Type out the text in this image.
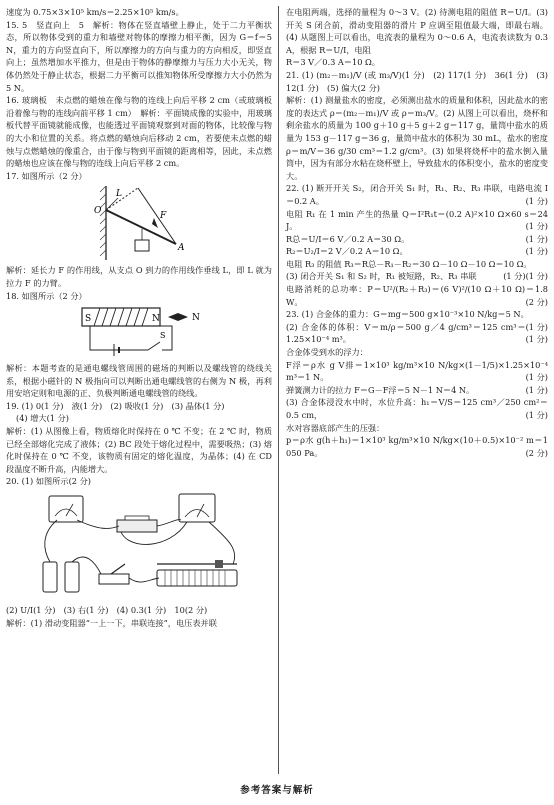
速度为 0.75×3×10⁵ km/s＝2.25×10⁵ km/s。

15. 5　竖直向上　5　解析：物体在竖直墙壁上静止，处于二力平衡状态，所以物体受到的重力和墙壁对物体的摩擦力相平衡，因为 G＝f＝5 N，重力的方向竖直向下，所以摩擦力的方向与重力的方向相反，即竖直向上；虽然增加水平推力，但是由于物体的静摩擦力与压力大小无关，物体仍然处于静止状态，根据二力平衡可以推知物体所受摩擦力大小仍然为 5 N。

16. 玻璃板　未点燃的蜡烛在像与物的连线上向后平移 2 cm（或玻璃板沿着像与物的连线向前平移 1 cm）　解析：平面镜成像的实验中，用玻璃板代替平面镜就能成像，也能透过平面镜观察到对面的物体，比较像与物的大小和位置的关系。将点燃的蜡烛向后移动 2 cm，若要使未点燃的蜡烛与点燃蜡烛的像重合，由于像与物到平面镜的距离相等，因此，未点燃的蜡烛也应该在像与物的连线上向后平移 2 cm。

17. 如图所示（2 分）

O
L
F
A

解析：延长力 F 的作用线，从支点 O 到力的作用线作垂线 L，即 L 就为拉力 F 的力臂。

18. 如图所示（2 分）

S	N	N
S

解析：本题考查的是通电螺线管周围的磁场的判断以及螺线管的绕线关系，根据小磁针的 N 极指向可以判断出通电螺线管的右侧为 N 极，再利用安培定则和电源的正、负极判断通电螺线管的绕线。

19. (1) 0(1 分)　液(1 分)　(2) 吸收(1 分)　(3) 晶体(1 分)

(4) 增大(1 分)

解析：(1) 从图像上看，物质熔化时保持在 0 ℃ 不变；在 2 ℃ 时，物质已经全部熔化完成了液体；(2) BC 段处于熔化过程中，需要吸热；(3) 熔化时保持在 0 ℃ 不变，该物质有固定的熔化温度，为晶体；(4) 在 CD 段温度不断升高，内能增大。

20. (1) 如图所示(2 分)

(2) U/I(1 分)　(3) 右(1 分)　(4) 0.3(1 分)　10(2 分)

解析：(1) 滑动变阻器“一上一下，串联连接”，电压表并联

在电阻两端，选择的量程为 0～3 V。(2) 待测电阻的阻值 R＝U/I。(3) 开关 S 闭合前，滑动变阻器的滑片 P 应调至阻值最大端，即最右端。(4) 从题图上可以看出，电流表的量程为 0～0.6 A，电流表读数为 0.3 A，根据 R＝U/I，电阻

R＝3 V／0.3 A＝10 Ω。

21. (1) (m₂－m₁)/V (或 m₃/V)(1 分)　(2) 117(1 分)　36(1 分)　(3) 12(1 分)　(5) 偏大(2 分)

解析：(1) 测量盐水的密度，必须测出盐水的质量和体积，因此盐水的密度的表达式 ρ＝(m₂－m₁)/V 或 ρ＝m₃/V。(2) 从图上可以看出，烧杯和剩余盐水的质量为 100 g＋10 g＋5 g＋2 g＝117 g，量筒中盐水的质量为 153 g－117 g＝36 g，量筒中盐水的体积为 30 mL，盐水的密度 ρ＝m/V＝36 g/30 cm³＝1.2 g/cm³。(3) 如果将烧杯中的盐水倒入量筒中，因为有部分水粘在烧杯壁上，导致盐水的体积变小，盐水的密度变大。

22. (1) 断开开关 S₂，闭合开关 S₁ 时，R₁、R₂、R₃ 串联，电路电流 I＝0.2 A。	(1 分)

电阻 R₁ 在 1 min 产生的热量 Q＝I²R₁t＝(0.2 A)²×10 Ω×60 s＝24 J。	(1 分)

R总＝U/I＝6 V／0.2 A＝30 Ω。	(1 分)

R₂＝U₂/I＝2 V／0.2 A＝10 Ω。	(1 分)

电阻 R₃ 的阻值 R₃＝R总－R₁－R₂＝30 Ω－10 Ω－10 Ω＝10 Ω。
(1 分)

(3) 闭合开关 S₁ 和 S₂ 时，R₁ 被短路，R₂、R₃ 串联	(1 分)

电路消耗的总功率：P＝U²/(R₂＋R₃)＝(6 V)²/(10 Ω＋10 Ω)＝1.8 W。	(2 分)

23. (1) 合金体的重力：G＝mg＝500 g×10⁻³×10 N/kg＝5 N。
(1 分)

(2) 合金体的体积：V＝m/ρ＝500 g／4 g/cm³＝125 cm³＝1.25×10⁻⁴ m³。	(1 分)

合金体受到水的浮力：

F浮＝ρ水 g V排＝1×10³ kg/m³×10 N/kg×(1－1/5)×1.25×10⁻⁴ m³＝1 N。	(1 分)

弹簧测力计的拉力 F＝G－F浮＝5 N－1 N＝4 N。	(1 分)

(3) 合金体浸没水中时，水位升高：h₁＝V/S＝125 cm³／250 cm²＝0.5 cm，	(1 分)

水对容器底部产生的压强：

p＝ρ水 g(h＋h₁)＝1×10³ kg/m³×10 N/kg×(10＋0.5)×10⁻² m＝1 050 Pa。	(2 分)

参考答案与解析
